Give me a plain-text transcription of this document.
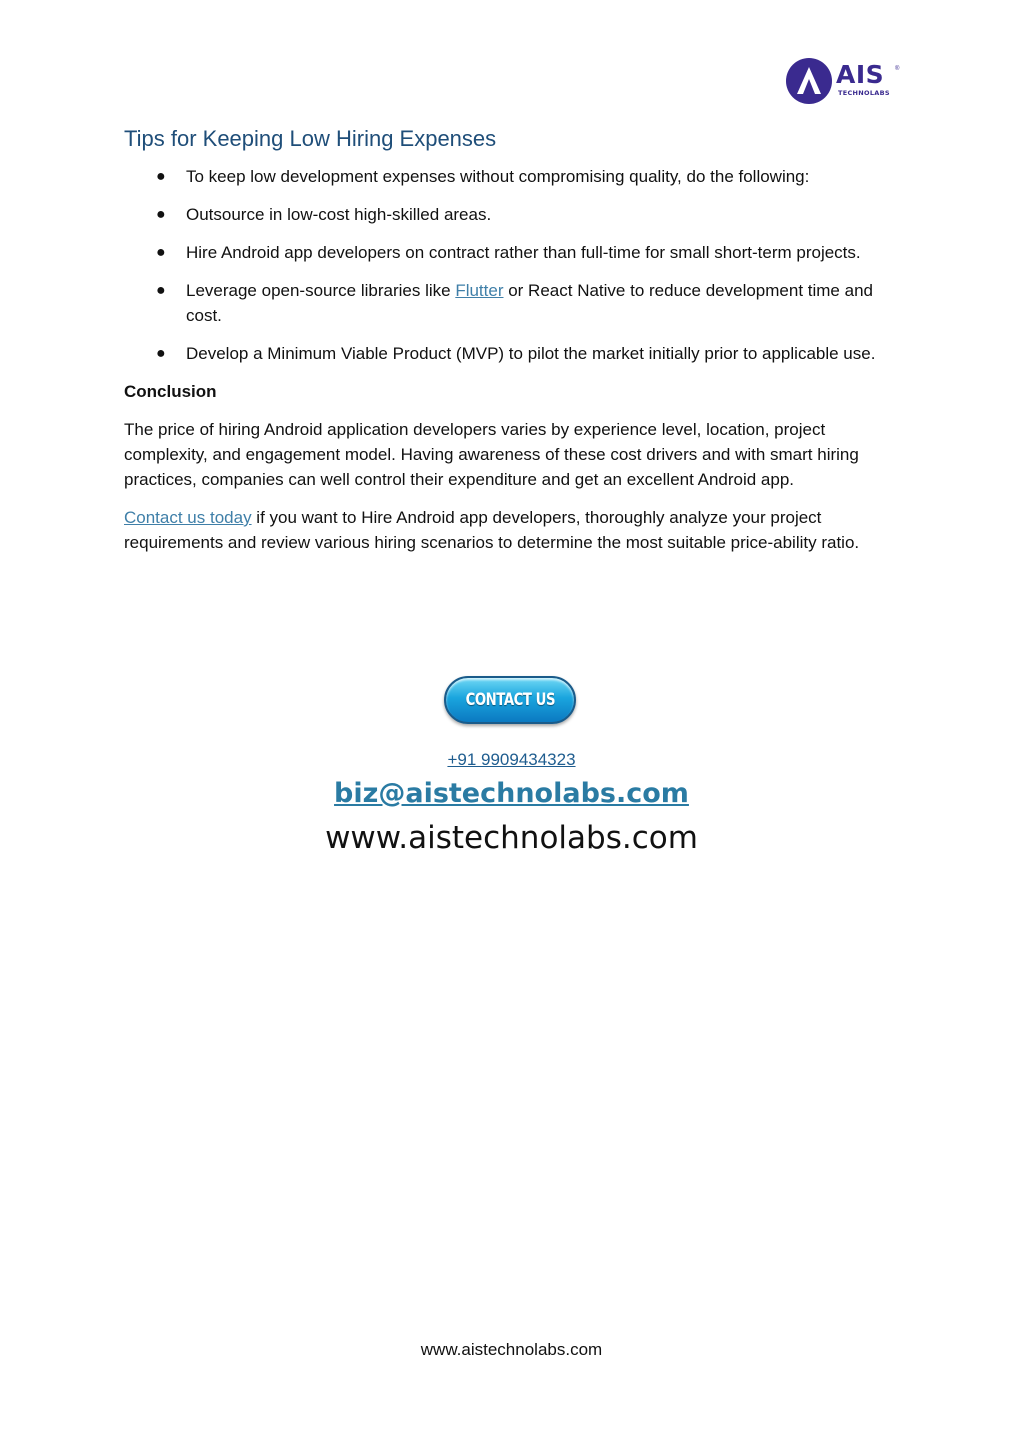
AIS ®
TECHNOLABS
Tips for Keeping Low Hiring Expenses
● To keep low development expenses without compromising quality, do the following:
● Outsource in low-cost high-skilled areas.
● Hire Android app developers on contract rather than full-time for small short-term projects.
● Leverage open-source libraries like Flutter or React Native to reduce development time and cost.
● Develop a Minimum Viable Product (MVP) to pilot the market initially prior to applicable use.
Conclusion

The price of hiring Android application developers varies by experience level, location, project complexity, and engagement model. Having awareness of these cost drivers and with smart hiring practices, companies can well control their expenditure and get an excellent Android app.

Contact us today if you want to Hire Android app developers, thoroughly analyze your project requirements and review various hiring scenarios to determine the most suitable price-ability ratio.

CONTACT US
+91 9909434323
biz@aistechnolabs.com
www.aistechnolabs.com
www.aistechnolabs.com
